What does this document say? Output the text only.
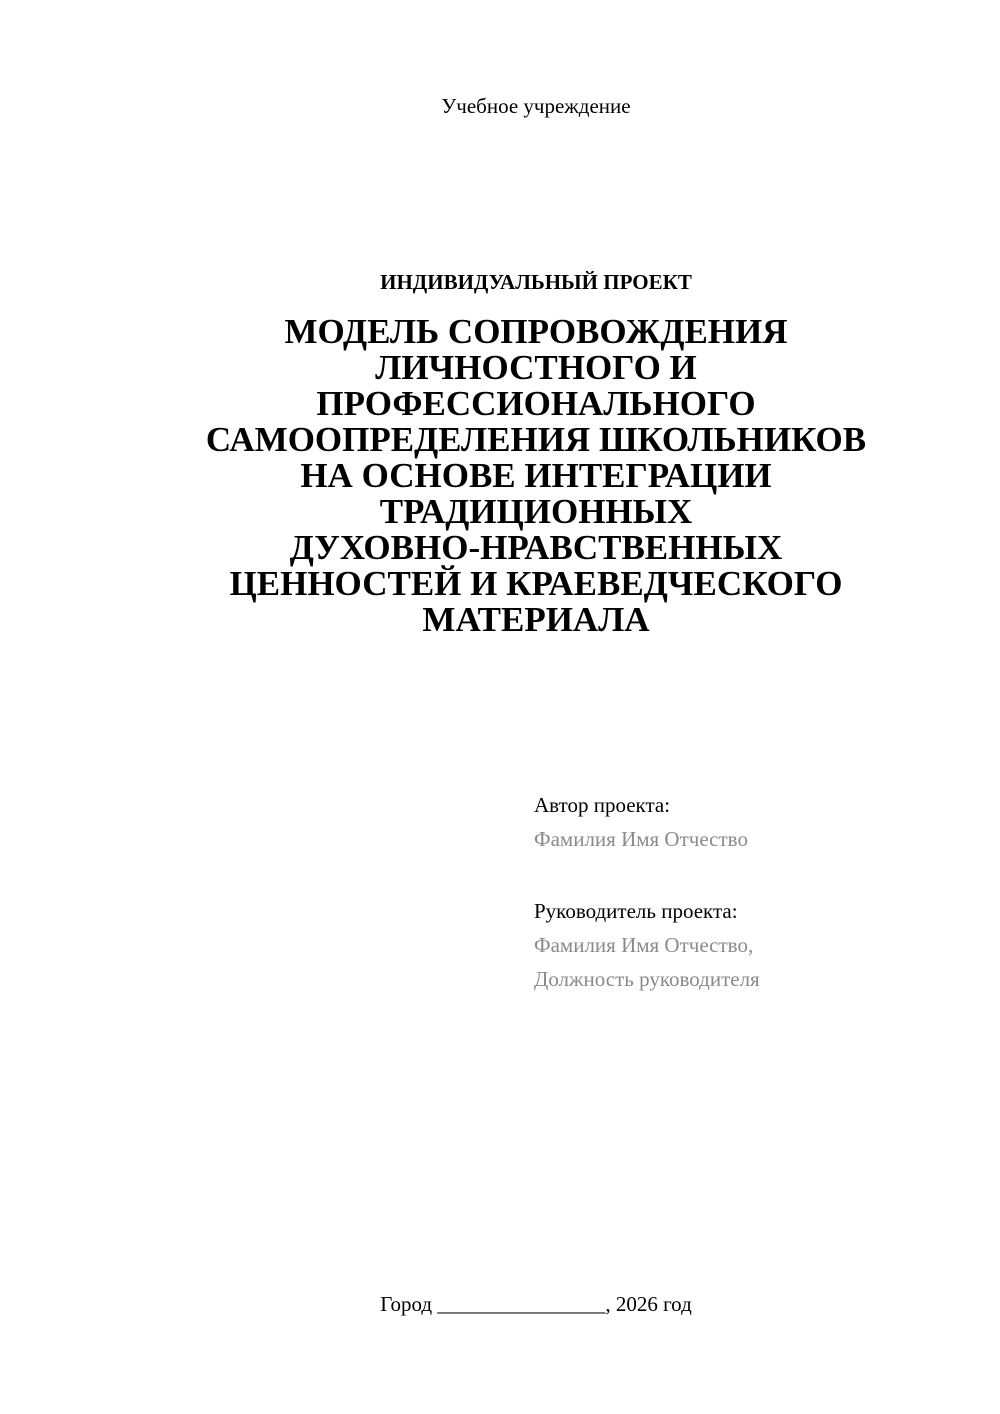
Учебное учреждение
ИНДИВИДУАЛЬНЫЙ ПРОЕКТ
МОДЕЛЬ СОПРОВОЖДЕНИЯ
ЛИЧНОСТНОГО И
ПРОФЕССИОНАЛЬНОГО
САМООПРЕДЕЛЕНИЯ ШКОЛЬНИКОВ
НА ОСНОВЕ ИНТЕГРАЦИИ
ТРАДИЦИОННЫХ
ДУХОВНО-НРАВСТВЕННЫХ
ЦЕННОСТЕЙ И КРАЕВЕДЧЕСКОГО
МАТЕРИАЛА
Автор проекта:
Фамилия Имя Отчество
Руководитель проекта:
Фамилия Имя Отчество,
Должность руководителя
Город ________________, 2026 год
